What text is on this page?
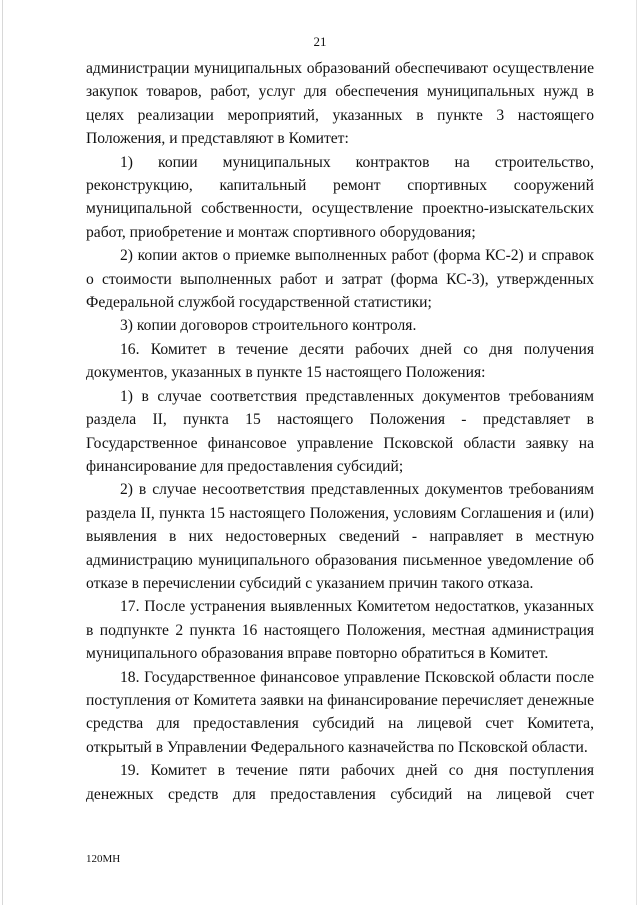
21

администрации муниципальных образований обеспечивают осуществление закупок товаров, работ, услуг для обеспечения муниципальных нужд в целях реализации мероприятий, указанных в пункте 3 настоящего Положения, и представляют в Комитет:

1) копии муниципальных контрактов на строительство, реконструкцию, капитальный ремонт спортивных сооружений муниципальной собственности, осуществление проектно-изыскательских работ, приобретение и монтаж спортивного оборудования;

2) копии актов о приемке выполненных работ (форма КС-2) и справок о стоимости выполненных работ и затрат (форма КС-3), утвержденных Федеральной службой государственной статистики;

3) копии договоров строительного контроля.

16. Комитет в течение десяти рабочих дней со дня получения документов, указанных в пункте 15 настоящего Положения:

1) в случае соответствия представленных документов требованиям раздела II, пункта 15 настоящего Положения - представляет в Государственное финансовое управление Псковской области заявку на финансирование для предоставления субсидий;

2) в случае несоответствия представленных документов требованиям раздела II, пункта 15 настоящего Положения, условиям Соглашения и (или) выявления в них недостоверных сведений - направляет в местную администрацию муниципального образования письменное уведомление об отказе в перечислении субсидий с указанием причин такого отказа.

17. После устранения выявленных Комитетом недостатков, указанных в подпункте 2 пункта 16 настоящего Положения, местная администрация муниципального образования вправе повторно обратиться в Комитет.

18. Государственное финансовое управление Псковской области после поступления от Комитета заявки на финансирование перечисляет денежные средства для предоставления субсидий на лицевой счет Комитета, открытый в Управлении Федерального казначейства по Псковской области.

19. Комитет в течение пяти рабочих дней со дня поступления денежных средств для предоставления субсидий на лицевой счет

120МН
